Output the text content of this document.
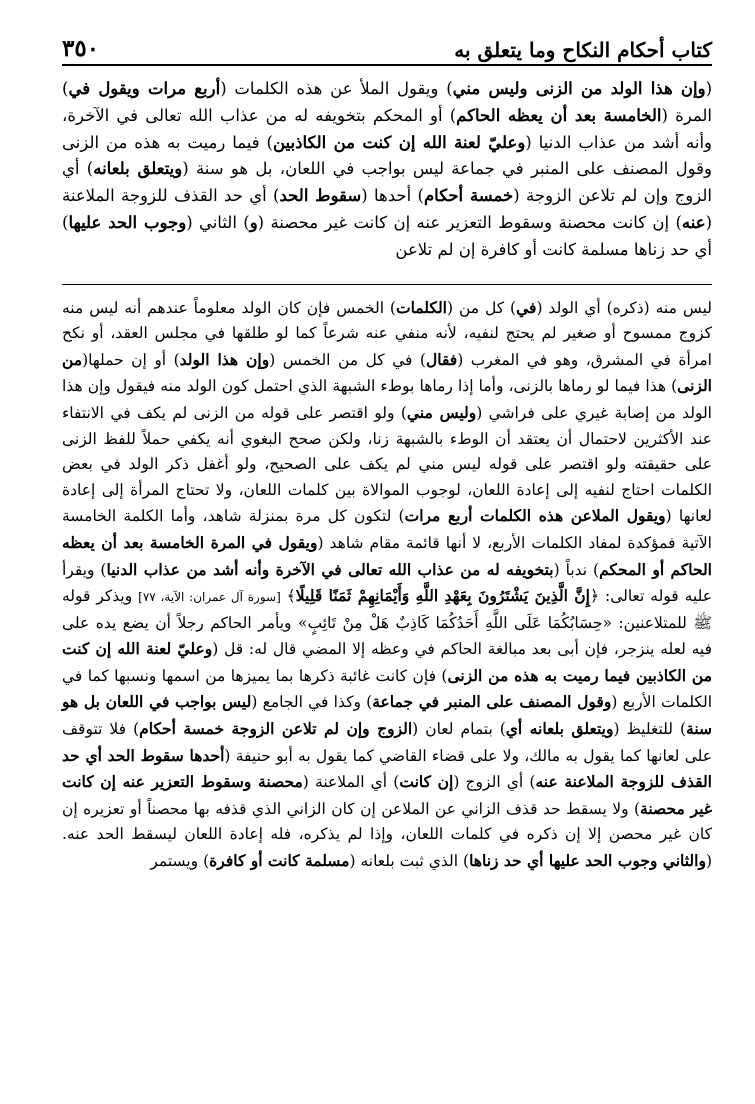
كتاب أحكام النكاح وما يتعلق به
٣٥٠

(وإن هذا الولد من الزنى وليس مني) ويقول الملأ عن هذه الكلمات (أربع مرات ويقول في) المرة (الخامسة بعد أن يعظه الحاكم) أو المحكم بتخويفه له من عذاب الله تعالى في الآخرة، وأنه أشد من عذاب الدنيا (وعليّ لعنة الله إن كنت من الكاذبين) فيما رميت به هذه من الزنى وقول المصنف على المنبر في جماعة ليس بواجب في اللعان، بل هو سنة (ويتعلق بلعانه) أي الزوج وإن لم تلاعن الزوجة (خمسة أحكام) أحدها (سقوط الحد) أي حد القذف للزوجة الملاعنة (عنه) إن كانت محصنة وسقوط التعزير عنه إن كانت غير محصنة (و) الثاني (وجوب الحد عليها) أي حد زناها مسلمة كانت أو كافرة إن لم تلاعن

ليس منه (ذكره) أي الولد (في) كل من (الكلمات) الخمس فإن كان الولد معلوماً عندهم أنه ليس منه كزوج ممسوح أو صغير لم يحتج لنفيه، لأنه منفي عنه شرعاً كما لو طلقها في مجلس العقد، أو نكح امرأة في المشرق، وهو في المغرب (فقال) في كل من الخمس (وإن هذا الولد) أو إن حملها(من الزنى) هذا فيما لو رماها بالزنى، وأما إذا رماها بوطء الشبهة الذي احتمل كون الولد منه فيقول وإن هذا الولد من إصابة غيري على فراشي (وليس مني) ولو اقتصر على قوله من الزنى لم يكف في الانتفاء عند الأكثرين لاحتمال أن يعتقد أن الوطء بالشبهة زنا، ولكن صحح البغوي أنه يكفي حملاً للفظ الزنى على حقيقته ولو اقتصر على قوله ليس مني لم يكف على الصحيح، ولو أغفل ذكر الولد في بعض الكلمات احتاج لنفيه إلى إعادة اللعان، لوجوب الموالاة بين كلمات اللعان، ولا تحتاج المرأة إلى إعادة لعانها (ويقول الملاعن هذه الكلمات أربع مرات) لتكون كل مرة بمنزلة شاهد، وأما الكلمة الخامسة الآتية فمؤكدة لمفاد الكلمات الأربع، لا أنها قائمة مقام شاهد (ويقول في المرة الخامسة بعد أن يعظه الحاكم أو المحكم) ندباً (بتخويفه له من عذاب الله تعالى في الآخرة وأنه أشد من عذاب الدنيا) ويقرأ عليه قوله تعالى: ﴿إِنَّ الَّذِينَ يَشْتَرُونَ بِعَهْدِ اللَّهِ وَأَيْمَانِهِمْ ثَمَنًا قَلِيلًا﴾ [سورة آل عمران: الآية، ٧٧] ويذكر قوله ﷺ للمتلاعنين: «حِسَابُكُمَا عَلَى اللَّهِ أَحَدُكُمَا كَاذِبٌ هَلْ مِنْ تَائِبٍ» ويأمر الحاكم رجلاً أن يضع يده على فيه لعله ينزجر، فإن أبى بعد مبالغة الحاكم في وعظه إلا المضي قال له: قل (وعليّ لعنة الله إن كنت من الكاذبين فيما رميت به هذه من الزنى) فإن كانت غائبة ذكرها بما يميزها من اسمها ونسبها كما في الكلمات الأربع (وقول المصنف على المنبر في جماعة) وكذا في الجامع (ليس بواجب في اللعان بل هو سنة) للتغليظ (ويتعلق بلعانه أي) بتمام لعان (الزوج وإن لم تلاعن الزوجة خمسة أحكام) فلا تتوقف على لعانها كما يقول به مالك، ولا على قضاء القاضي كما يقول به أبو حنيفة (أحدها سقوط الحد أي حد القذف للزوجة الملاعنة عنه) أي الزوج (إن كانت) أي الملاعنة (محصنة وسقوط التعزير عنه إن كانت غير محصنة) ولا يسقط حد قذف الزاني عن الملاعن إن كان الزاني الذي قذفه بها محصناً أو تعزيره إن كان غير محصن إلا إن ذكره في كلمات اللعان، وإذا لم يذكره، فله إعادة اللعان ليسقط الحد عنه. (والثاني وجوب الحد عليها أي حد زناها) الذي ثبت بلعانه (مسلمة كانت أو كافرة) ويستمر
